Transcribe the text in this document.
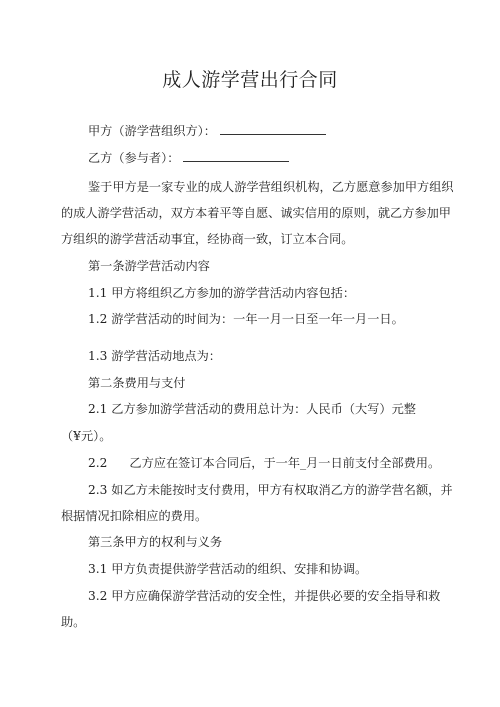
成人游学营出行合同
甲方（游学营组织方）：
乙方（参与者）：
鉴于甲方是一家专业的成人游学营组织机构，乙方愿意参加甲方组织
的成人游学营活动，双方本着平等自愿、诚实信用的原则，就乙方参加甲
方组织的游学营活动事宜，经协商一致，订立本合同。
第一条游学营活动内容
1.1 甲方将组织乙方参加的游学营活动内容包括：
1.2 游学营活动的时间为：一年一月一日至一年一月一日。
1.3 游学营活动地点为：
第二条费用与支付
2.1 乙方参加游学营活动的费用总计为：人民币（大写）元整
（¥元）。
2.2 乙方应在签订本合同后，于一年_月一日前支付全部费用。
2.3 如乙方未能按时支付费用，甲方有权取消乙方的游学营名额，并
根据情况扣除相应的费用。
第三条甲方的权利与义务
3.1 甲方负责提供游学营活动的组织、安排和协调。
3.2 甲方应确保游学营活动的安全性，并提供必要的安全指导和救
助。
